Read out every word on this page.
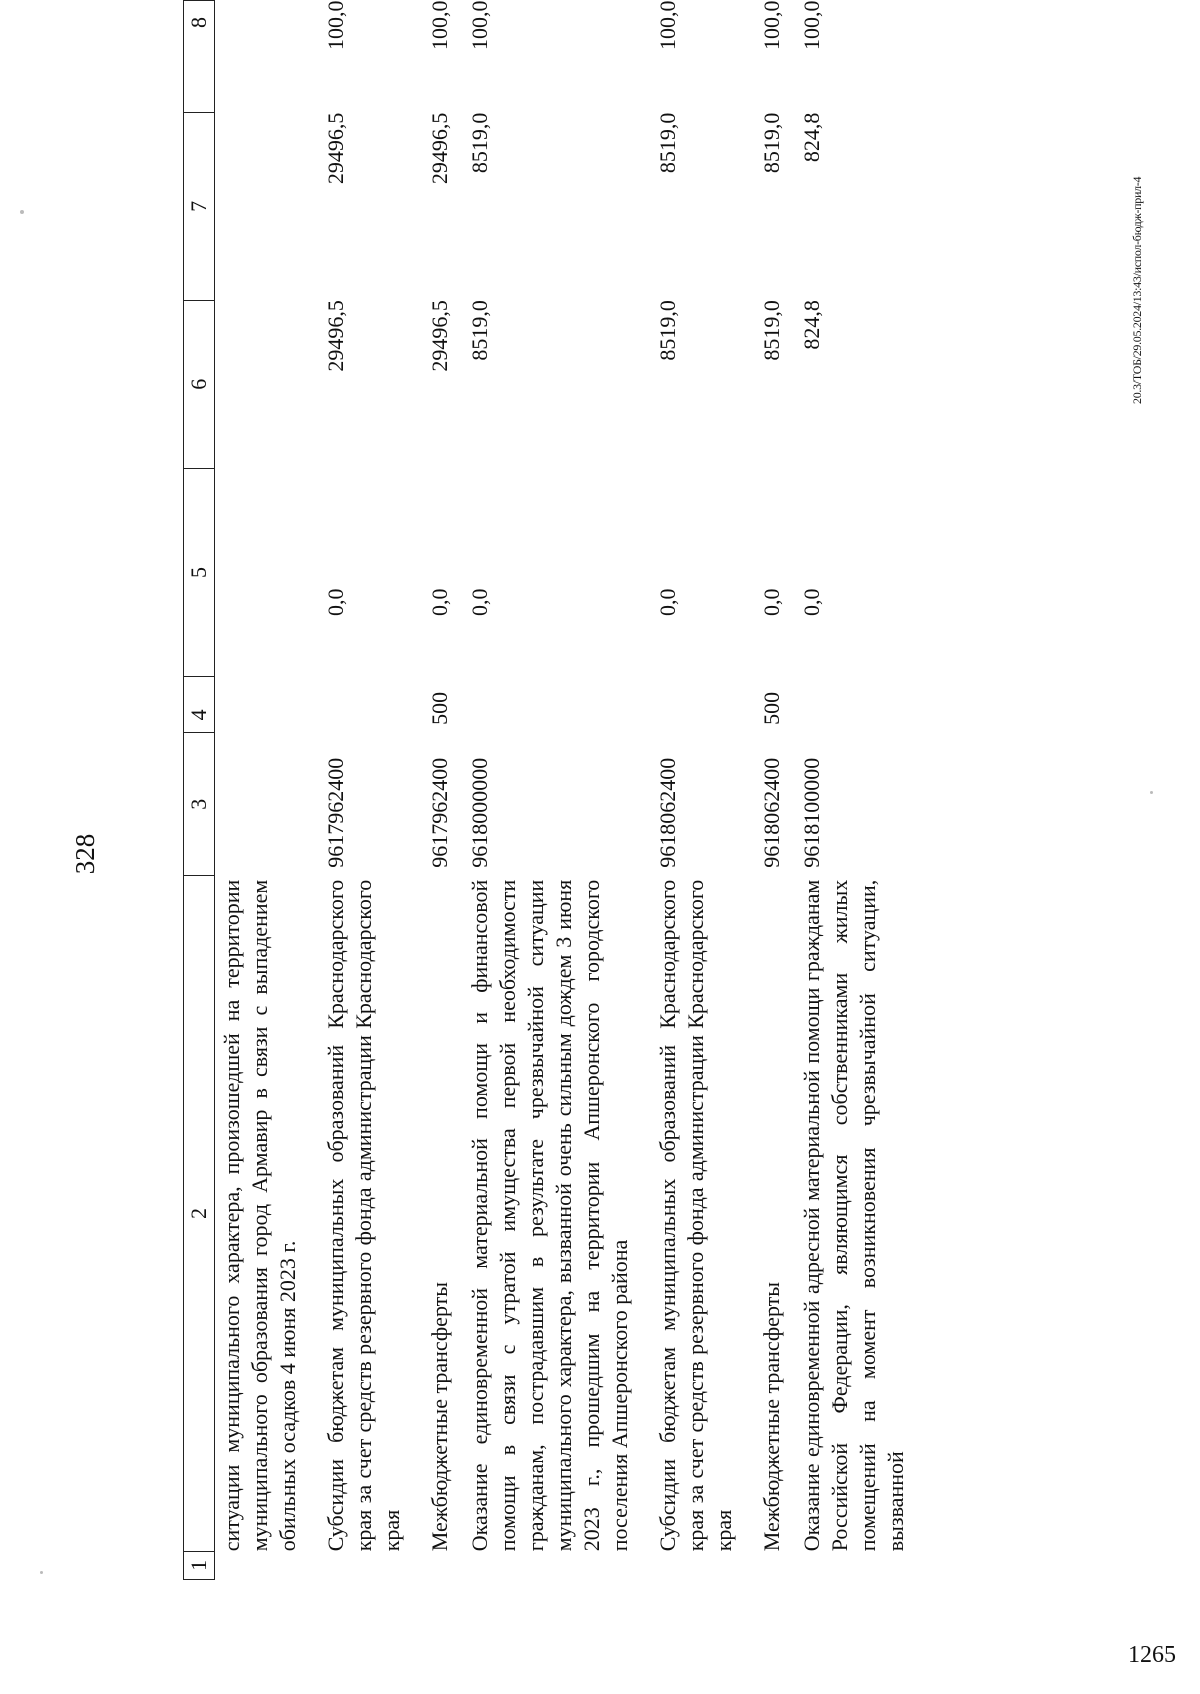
328
1	2	3	4	5	6	7	8
	ситуации муниципального характера, произошедшей на территории муниципального образования город Армавир в связи с выпадением обильных осадков 4 июня 2023 г.						
	Субсидии бюджетам муниципальных образований Краснодарского края за счет средств резервного фонда администрации Краснодарского края	9617962400		0,0	29496,5	29496,5	100,0
	Межбюджетные трансферты	9617962400	500	0,0	29496,5	29496,5	100,0
	Оказание единовременной материальной помощи и финансовой помощи в связи с утратой имущества первой необходимости гражданам, пострадавшим в результате чрезвычайной ситуации муниципального характера, вызванной очень сильным дождем 3 июня 2023 г., прошедшим на территории Апшеронского городского поселения Апшеронского района	9618000000		0,0	8519,0	8519,0	100,0
	Субсидии бюджетам муниципальных образований Краснодарского края за счет средств резервного фонда администрации Краснодарского края	9618062400		0,0	8519,0	8519,0	100,0
	Межбюджетные трансферты	9618062400	500	0,0	8519,0	8519,0	100,0
	Оказание единовременной адресной материальной помощи гражданам Российской Федерации, являющимся собственниками жилых помещений на момент возникновения чрезвычайной ситуации, вызванной	9618100000		0,0	824,8	824,8	100,0
20.3/ТОБ/29.05.2024/13:43/испол-бюдж-прил-4
1265
